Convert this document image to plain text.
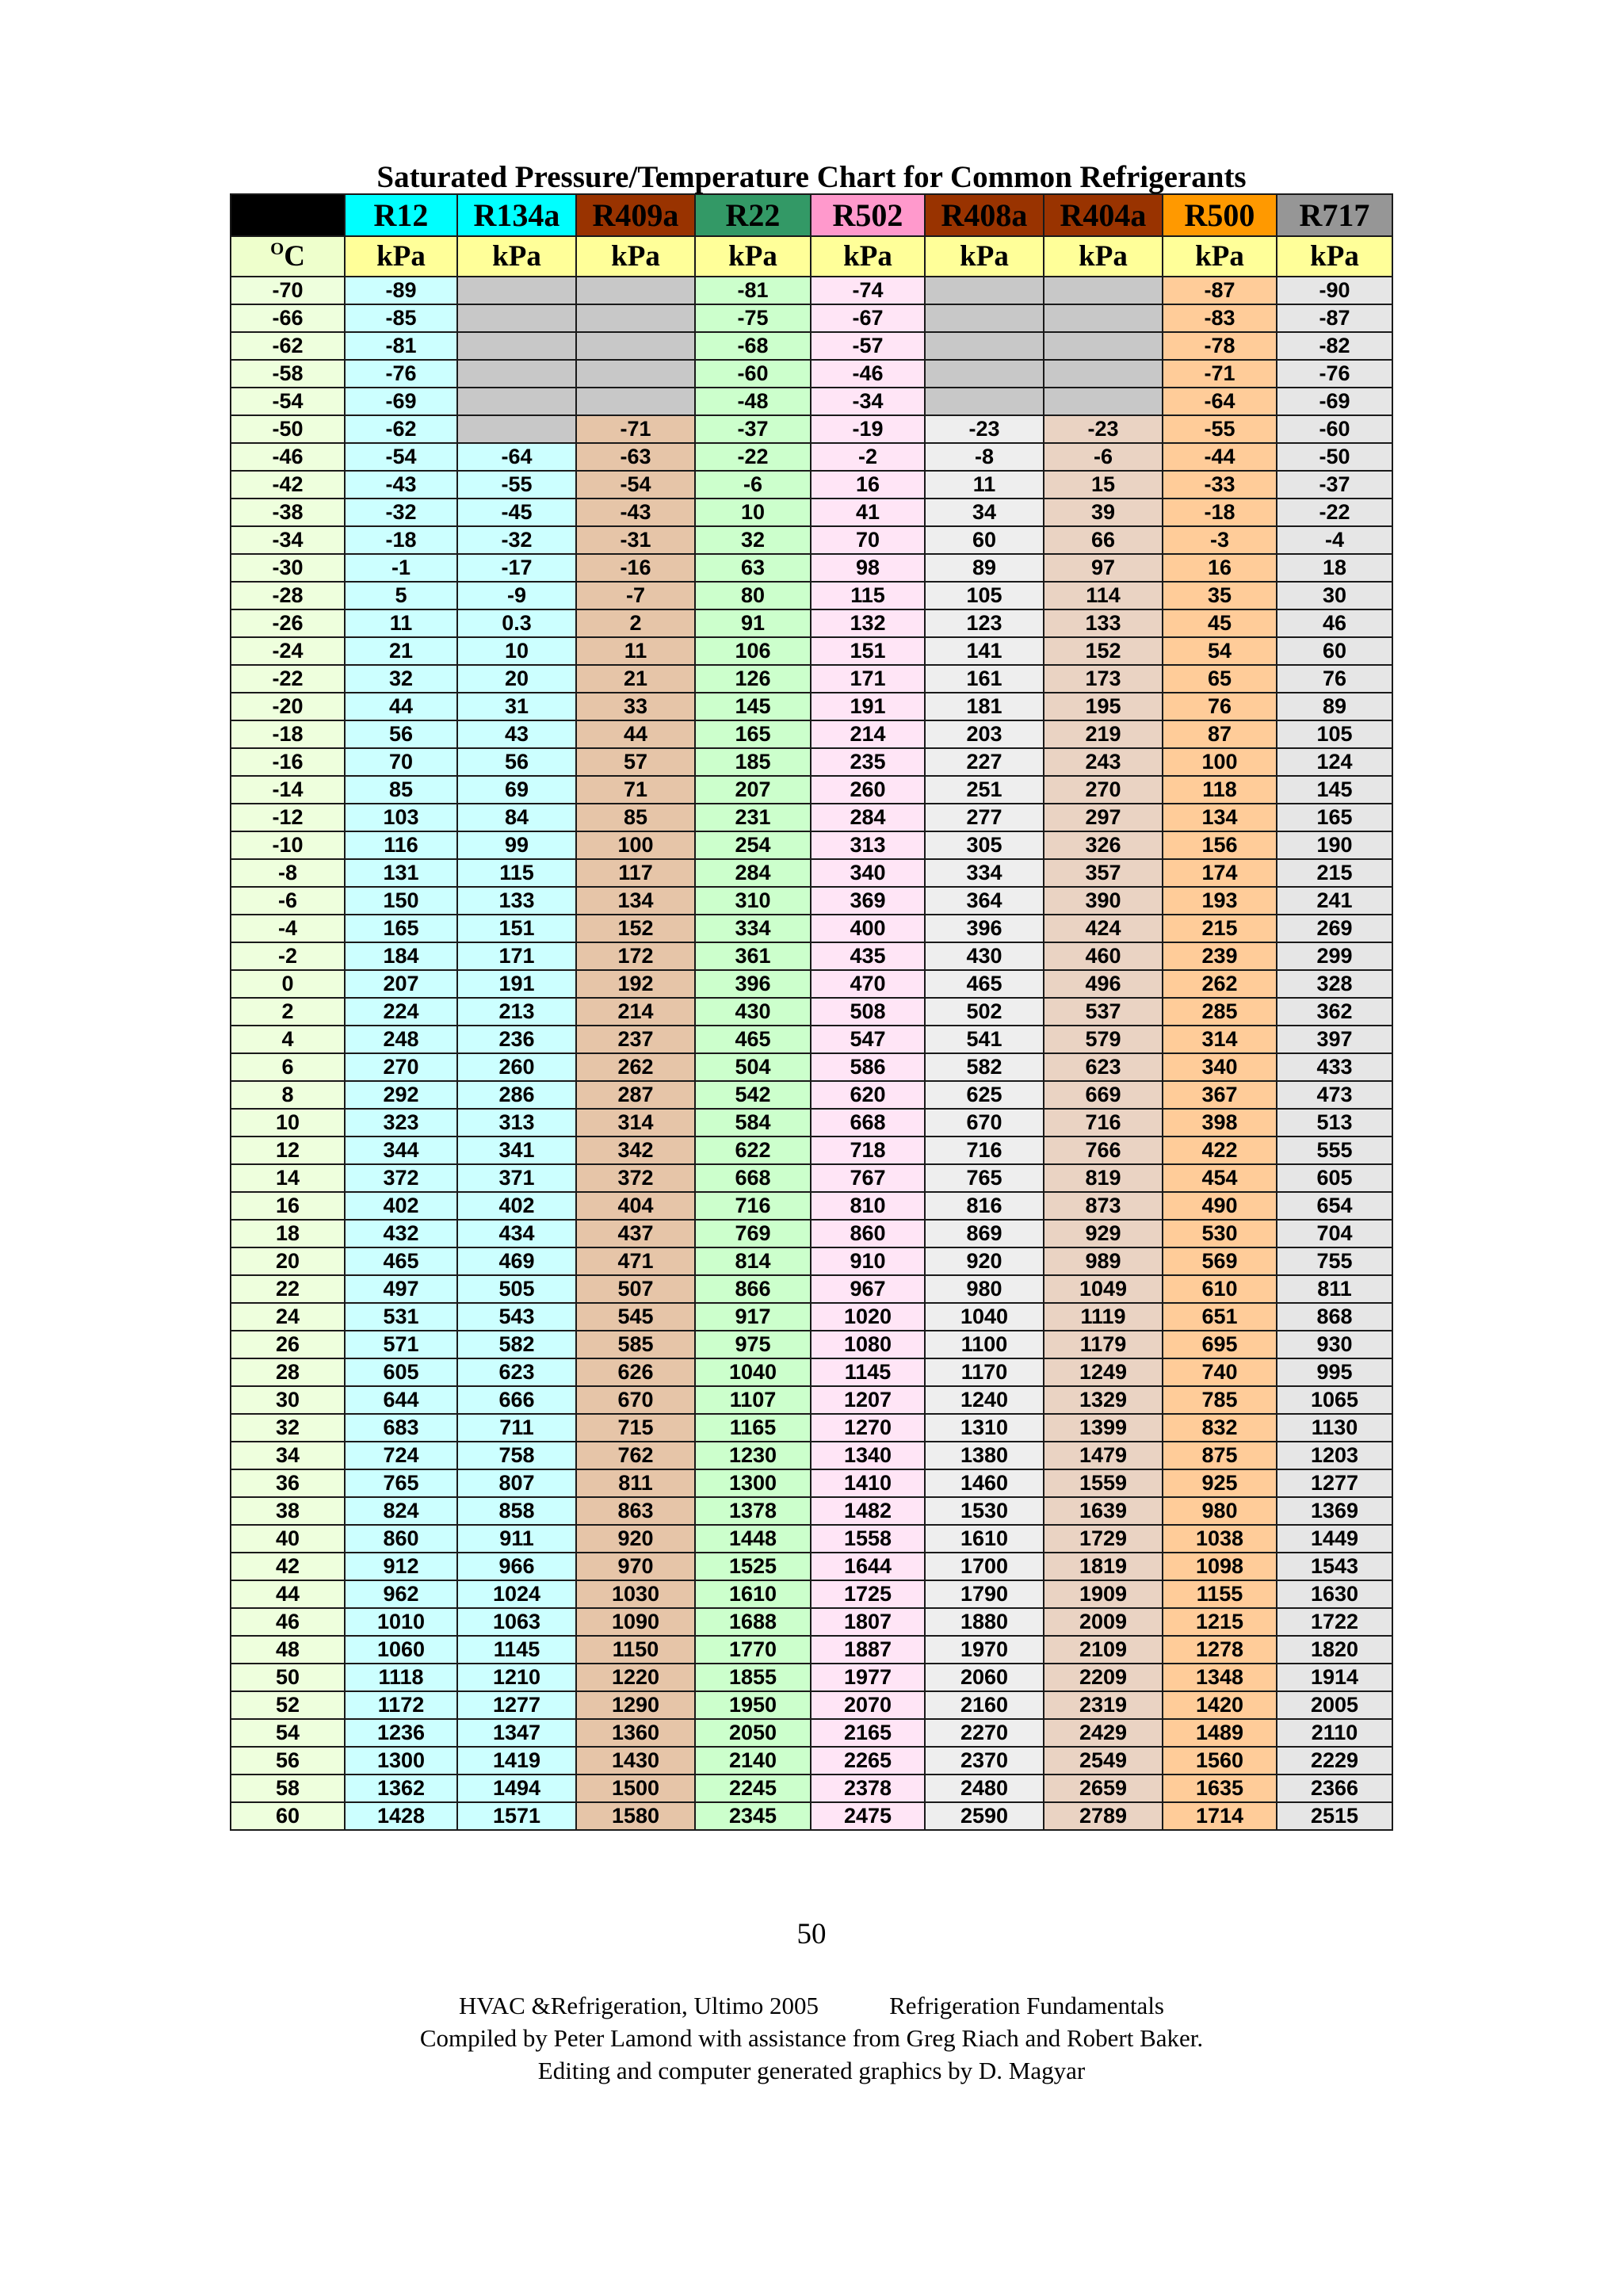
Saturated Pressure/Temperature Chart for Common Refrigerants
	R12	R134a	R409a	R22	R502	R408a	R404a	R500	R717
$^O$C	kPa	kPa	kPa	kPa	kPa	kPa	kPa	kPa	kPa
-70	-89			-81	-74			-87	-90
-66	-85			-75	-67			-83	-87
-62	-81			-68	-57			-78	-82
-58	-76			-60	-46			-71	-76
-54	-69			-48	-34			-64	-69
-50	-62		-71	-37	-19	-23	-23	-55	-60
-46	-54	-64	-63	-22	-2	-8	-6	-44	-50
-42	-43	-55	-54	-6	16	11	15	-33	-37
-38	-32	-45	-43	10	41	34	39	-18	-22
-34	-18	-32	-31	32	70	60	66	-3	-4
-30	-1	-17	-16	63	98	89	97	16	18
-28	5	-9	-7	80	115	105	114	35	30
-26	11	0.3	2	91	132	123	133	45	46
-24	21	10	11	106	151	141	152	54	60
-22	32	20	21	126	171	161	173	65	76
-20	44	31	33	145	191	181	195	76	89
-18	56	43	44	165	214	203	219	87	105
-16	70	56	57	185	235	227	243	100	124
-14	85	69	71	207	260	251	270	118	145
-12	103	84	85	231	284	277	297	134	165
-10	116	99	100	254	313	305	326	156	190
-8	131	115	117	284	340	334	357	174	215
-6	150	133	134	310	369	364	390	193	241
-4	165	151	152	334	400	396	424	215	269
-2	184	171	172	361	435	430	460	239	299
0	207	191	192	396	470	465	496	262	328
2	224	213	214	430	508	502	537	285	362
4	248	236	237	465	547	541	579	314	397
6	270	260	262	504	586	582	623	340	433
8	292	286	287	542	620	625	669	367	473
10	323	313	314	584	668	670	716	398	513
12	344	341	342	622	718	716	766	422	555
14	372	371	372	668	767	765	819	454	605
16	402	402	404	716	810	816	873	490	654
18	432	434	437	769	860	869	929	530	704
20	465	469	471	814	910	920	989	569	755
22	497	505	507	866	967	980	1049	610	811
24	531	543	545	917	1020	1040	1119	651	868
26	571	582	585	975	1080	1100	1179	695	930
28	605	623	626	1040	1145	1170	1249	740	995
30	644	666	670	1107	1207	1240	1329	785	1065
32	683	711	715	1165	1270	1310	1399	832	1130
34	724	758	762	1230	1340	1380	1479	875	1203
36	765	807	811	1300	1410	1460	1559	925	1277
38	824	858	863	1378	1482	1530	1639	980	1369
40	860	911	920	1448	1558	1610	1729	1038	1449
42	912	966	970	1525	1644	1700	1819	1098	1543
44	962	1024	1030	1610	1725	1790	1909	1155	1630
46	1010	1063	1090	1688	1807	1880	2009	1215	1722
48	1060	1145	1150	1770	1887	1970	2109	1278	1820
50	1118	1210	1220	1855	1977	2060	2209	1348	1914
52	1172	1277	1290	1950	2070	2160	2319	1420	2005
54	1236	1347	1360	2050	2165	2270	2429	1489	2110
56	1300	1419	1430	2140	2265	2370	2549	1560	2229
58	1362	1494	1500	2245	2378	2480	2659	1635	2366
60	1428	1571	1580	2345	2475	2590	2789	1714	2515
50
HVAC &Refrigeration, Ultimo 2005	Refrigeration Fundamentals
Compiled by Peter Lamond with assistance from Greg Riach and Robert Baker.
Editing and computer generated graphics by D. Magyar
